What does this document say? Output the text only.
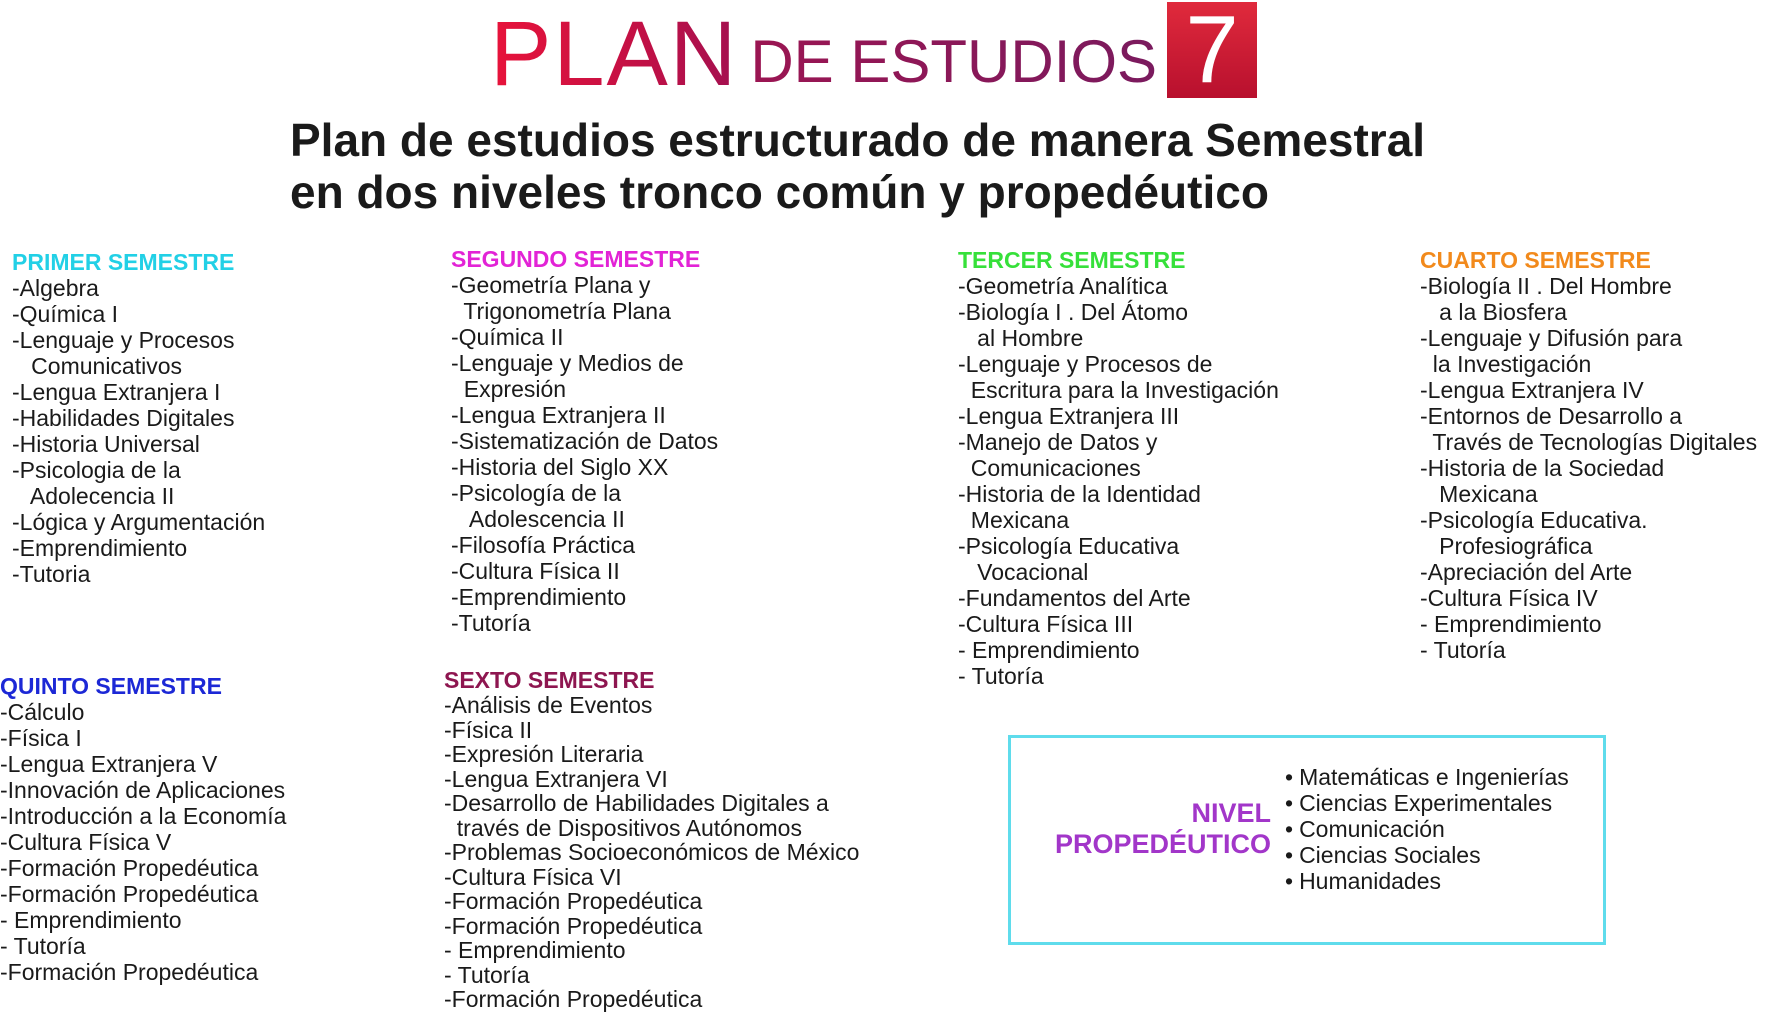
PLAN DE ESTUDIOS 7
Plan de estudios estructurado de manera Semestral
en dos niveles tronco común y propedéutico
PRIMER SEMESTRE
-Algebra
-Química I
-Lenguaje y Procesos
Comunicativos
-Lengua Extranjera I
-Habilidades Digitales
-Historia Universal
-Psicologia de la
Adolecencia II
-Lógica y Argumentación
-Emprendimiento
-Tutoria
SEGUNDO SEMESTRE
-Geometría Plana y
Trigonometría Plana
-Química II
-Lenguaje y Medios de
Expresión
-Lengua Extranjera II
-Sistematización de Datos
-Historia del Siglo XX
-Psicología de la
Adolescencia II
-Filosofía Práctica
-Cultura Física II
-Emprendimiento
-Tutoría
TERCER SEMESTRE
-Geometría Analítica
-Biología I . Del Átomo
al Hombre
-Lenguaje y Procesos de
Escritura para la Investigación
-Lengua Extranjera III
-Manejo de Datos y
Comunicaciones
-Historia de la Identidad
Mexicana
-Psicología Educativa
Vocacional
-Fundamentos del Arte
-Cultura Física III
- Emprendimiento
- Tutoría
CUARTO SEMESTRE
-Biología II . Del Hombre
a la Biosfera
-Lenguaje y Difusión para
la Investigación
-Lengua Extranjera IV
-Entornos de Desarrollo a
Través de Tecnologías Digitales
-Historia de la Sociedad
Mexicana
-Psicología Educativa.
Profesiográfica
-Apreciación del Arte
-Cultura Física IV
- Emprendimiento
- Tutoría
QUINTO SEMESTRE
-Cálculo
-Física I
-Lengua Extranjera V
-Innovación de Aplicaciones
-Introducción a la Economía
-Cultura Física V
-Formación Propedéutica
-Formación Propedéutica
- Emprendimiento
- Tutoría
-Formación Propedéutica
SEXTO SEMESTRE
-Análisis de Eventos
-Física II
-Expresión Literaria
-Lengua Extranjera VI
-Desarrollo de Habilidades Digitales a
través de Dispositivos Autónomos
-Problemas Socioeconómicos de México
-Cultura Física VI
-Formación Propedéutica
-Formación Propedéutica
- Emprendimiento
- Tutoría
-Formación Propedéutica
NIVEL
PROPEDÉUTICO
• Matemáticas e Ingenierías
• Ciencias Experimentales
• Comunicación
• Ciencias Sociales
• Humanidades
